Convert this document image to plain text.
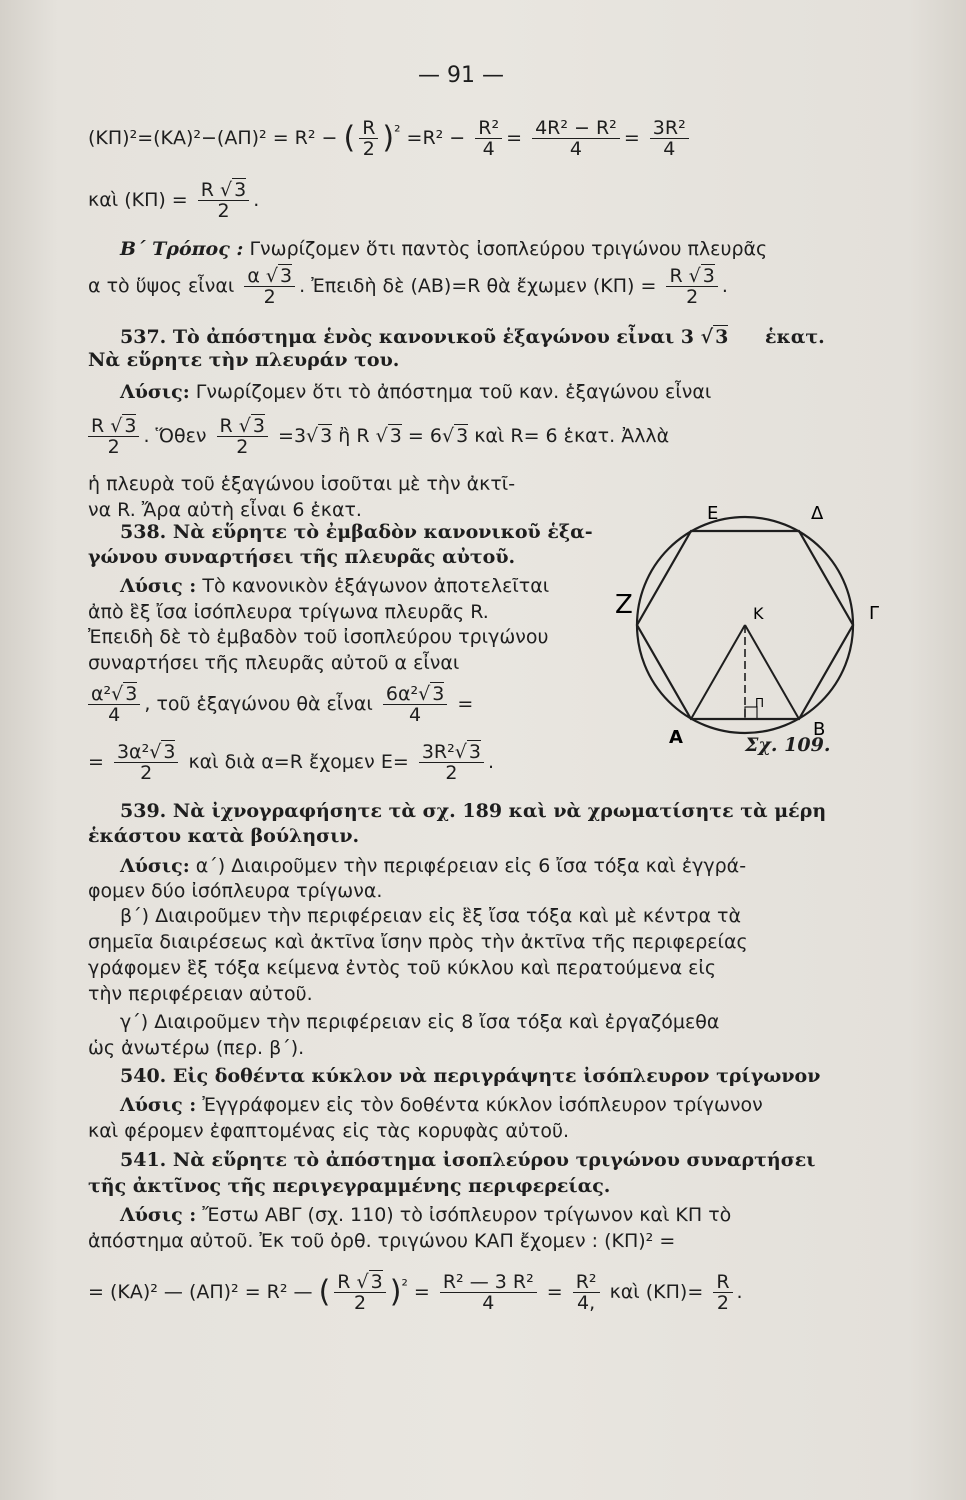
— 91 —
(ΚΠ)²=(ΚΑ)²−(ΑΠ)² = R² − ( $\frac{R}{2} )^{^2} =R^2 - \frac{\text{R²}}{4} = \frac{\text{4R² − R²}}{4} = \frac{\text{3R²}}{4}$
καὶ $(K\Pi) = \frac{R √ 3}{2}$ .
Β΄ Τρόπος : Γνωρίζομεν ὅτι παντὸς ἰσοπλεύρου τριγώνου πλευρᾶς
α τὸ ὕψος εἶναι $\frac{\alpha √ 3}{2}$ . Ἐπειδὴ δὲ (ΑΒ)=R θὰ ἔχωμεν $(K\Pi) = \frac{R √ 3}{2}$ .
537. Τὸ ἀπόστημα ἑνὸς κανονικοῦ ἑξαγώνου εἶναι 3 √ 3 ἑκατ.
Νὰ εὕρητε τὴν πλευράν του.
Λύσις: Γνωρίζομεν ὅτι τὸ ἀπόστημα τοῦ καν. ἑξαγώνου εἶναι
$\frac{R √ 3}{2}$ . Ὅθεν $\frac{R √ 3}{2} =3√$ 3 ἢ R √ 3 = 6√ 3 καὶ R= 6 ἑκατ. Ἀλλὰ
ἡ πλευρὰ τοῦ ἑξαγώνου ἰσοῦται μὲ τὴν ἀκτῖ-
να R. Ἄρα αὐτὴ εἶναι 6 ἑκατ.
538. Νὰ εὕρητε τὸ ἐμβαδὸν κανονικοῦ ἑξα-
γώνου συναρτήσει τῆς πλευρᾶς αὐτοῦ.
Λύσις : Τὸ κανονικὸν ἑξάγωνον ἀποτελεῖται
ἀπὸ ἓξ ἴσα ἰσόπλευρα τρίγωνα πλευρᾶς R.
Ἐπειδὴ δὲ τὸ ἐμβαδὸν τοῦ ἰσοπλεύρου τριγώνου
συναρτήσει τῆς πλευρᾶς αὐτοῦ α εἶναι
$\frac{\text{α²√ 3}}{4}$ , τοῦ ἑξαγώνου θὰ εἶναι $\frac{\text{6α²√ 3}}{4}$ =
= $\frac{\text{3α²√ 3}}{2}$ καὶ διὰ α=R ἔχομεν $E= \frac{\text{3R²√ 3}}{2}$ .
Ε	Δ
Ζ	Γ
Κ
Π
Α	Β
Σχ. 109.
539. Νὰ ἰχνογραφήσητε τὰ σχ. 189 καὶ νὰ χρωματίσητε τὰ μέρη
ἑκάστου κατὰ βούλησιν.
Λύσις: α΄) Διαιροῦμεν τὴν περιφέρειαν εἰς 6 ἴσα τόξα καὶ ἐγγρά-
φομεν δύο ἰσόπλευρα τρίγωνα.
β΄) Διαιροῦμεν τὴν περιφέρειαν εἰς ἓξ ἴσα τόξα καὶ μὲ κέντρα τὰ
σημεῖα διαιρέσεως καὶ ἀκτῖνα ἴσην πρὸς τὴν ἀκτῖνα τῆς περιφερείας
γράφομεν ἓξ τόξα κείμενα ἐντὸς τοῦ κύκλου καὶ περατούμενα εἰς
τὴν περιφέρειαν αὐτοῦ.
γ΄) Διαιροῦμεν τὴν περιφέρειαν εἰς 8 ἴσα τόξα καὶ ἐργαζόμεθα
ὡς ἀνωτέρω (περ. β΄).
540. Εἰς δοθέντα κύκλον νὰ περιγράψητε ἰσόπλευρον τρίγωνον
Λύσις : Ἐγγράφομεν εἰς τὸν δοθέντα κύκλον ἰσόπλευρον τρίγωνον
καὶ φέρομεν ἐφαπτομένας εἰς τὰς κορυφὰς αὐτοῦ.
541. Νὰ εὕρητε τὸ ἀπόστημα ἰσοπλεύρου τριγώνου συναρτήσει
τῆς ἀκτῖνος τῆς περιγεγραμμένης περιφερείας.
Λύσις : Ἔστω ΑΒΓ (σχ. 110) τὸ ἰσόπλευρον τρίγωνον καὶ ΚΠ τὸ
ἀπόστημα αὐτοῦ. Ἐκ τοῦ ὀρθ. τριγώνου ΚΑΠ ἔχομεν : (ΚΠ)² =
= (ΚΑ)² — (ΑΠ)² = R² — ( $\frac{R √ 3}{2} )^{^2} = \frac{\text{R² — 3 R²}}{4} = \frac{\text{R²}}{4,}$ καὶ $(K\Pi)= \frac{R}{2}$ .
